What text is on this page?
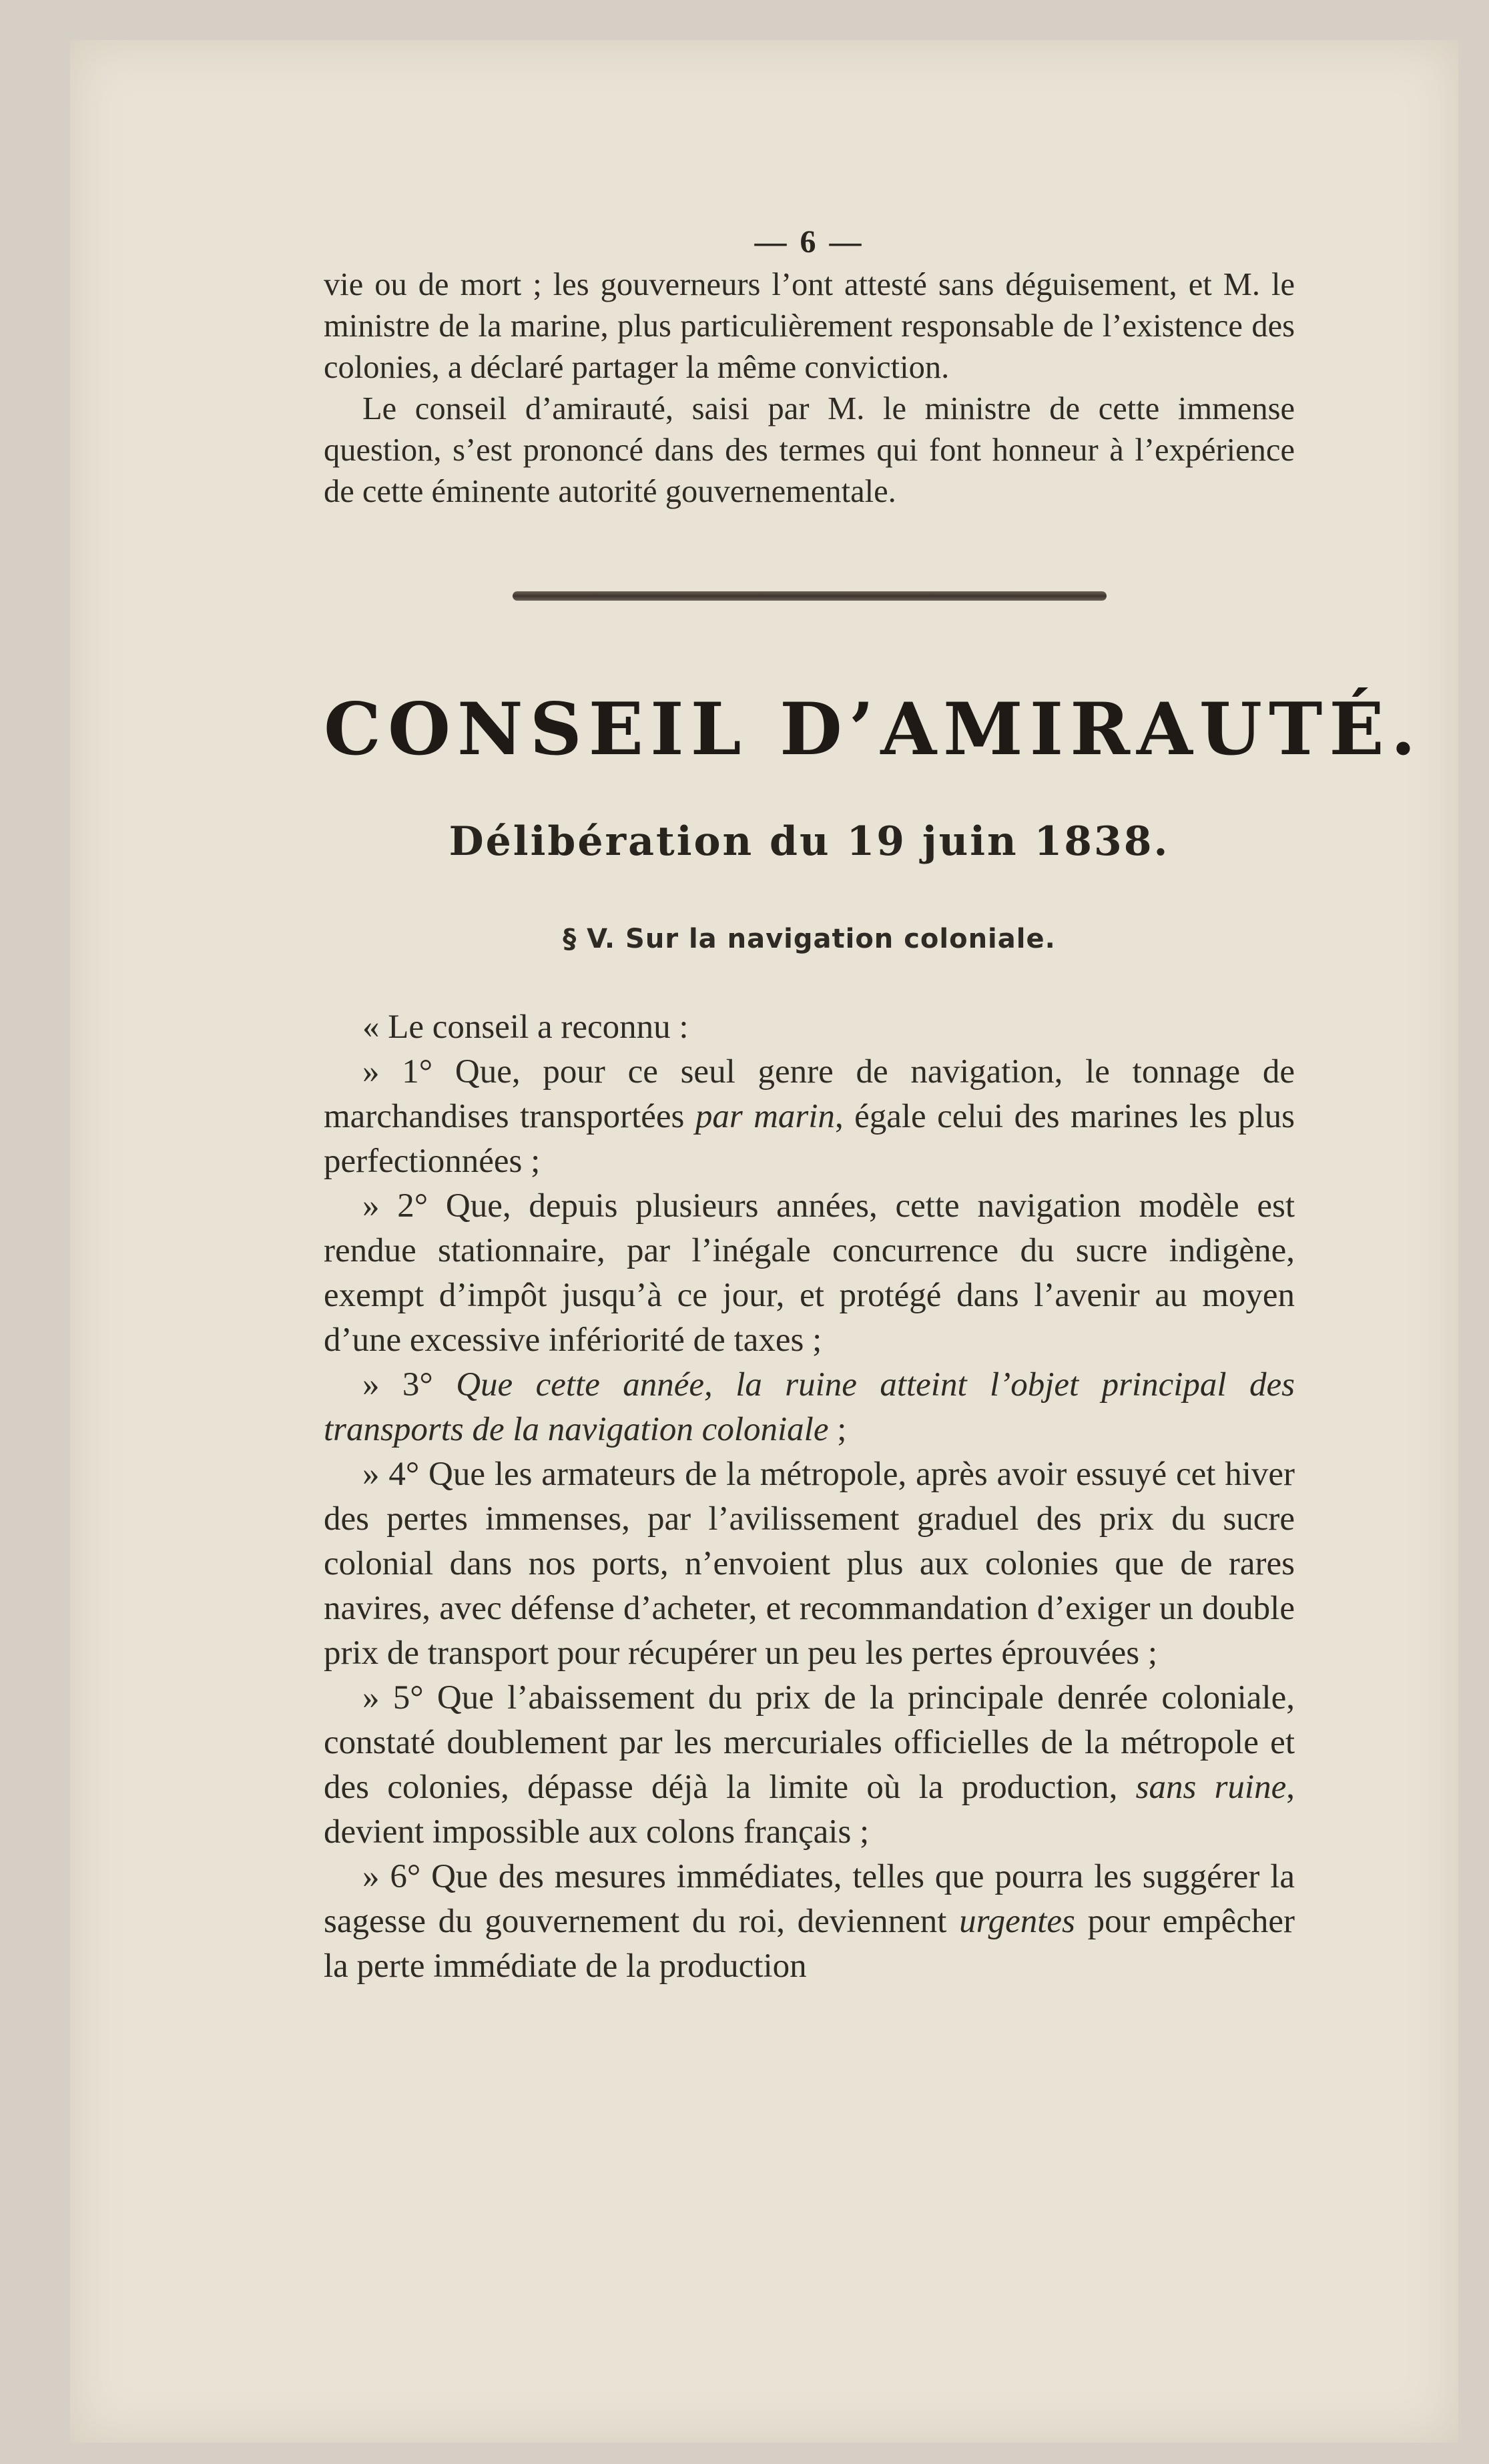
— 6 —

vie ou de mort ; les gouverneurs l’ont attesté sans déguisement, et M. le ministre de la marine, plus particulièrement responsable de l’existence des colonies, a déclaré partager la même conviction.

Le conseil d’amirauté, saisi par M. le ministre de cette immense question, s’est prononcé dans des termes qui font honneur à l’expérience de cette éminente autorité gouvernementale.

CONSEIL D’AMIRAUTÉ.
Délibération du 19 juin 1838.
§ V. Sur la navigation coloniale.

« Le conseil a reconnu :

» 1° Que, pour ce seul genre de navigation, le tonnage de marchandises transportées par marin, égale celui des marines les plus perfectionnées ;

» 2° Que, depuis plusieurs années, cette navigation modèle est rendue stationnaire, par l’inégale concurrence du sucre indigène, exempt d’impôt jusqu’à ce jour, et protégé dans l’avenir au moyen d’une excessive infériorité de taxes ;

» 3° Que cette année, la ruine atteint l’objet principal des transports de la navigation coloniale ;

» 4° Que les armateurs de la métropole, après avoir essuyé cet hiver des pertes immenses, par l’avilissement graduel des prix du sucre colonial dans nos ports, n’envoient plus aux colonies que de rares navires, avec défense d’acheter, et recommandation d’exiger un double prix de transport pour récupérer un peu les pertes éprouvées ;

» 5° Que l’abaissement du prix de la principale denrée coloniale, constaté doublement par les mercuriales officielles de la métropole et des colonies, dépasse déjà la limite où la production, sans ruine, devient impossible aux colons français ;

» 6° Que des mesures immédiates, telles que pourra les suggérer la sagesse du gouvernement du roi, deviennent urgentes pour empêcher la perte immédiate de la production
